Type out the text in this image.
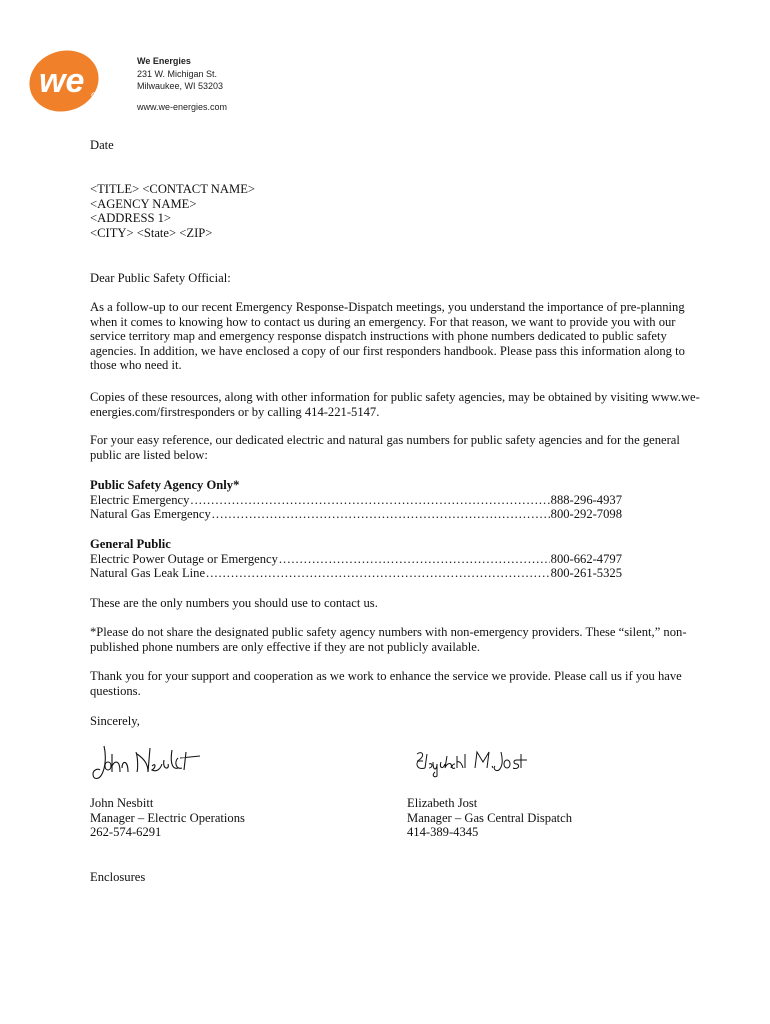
we
We Energies
231 W. Michigan St.
Milwaukee, WI 53203
www.we-energies.com
Date
<TITLE> <CONTACT NAME>
<AGENCY NAME>
<ADDRESS 1>
<CITY> <State> <ZIP>
Dear Public Safety Official:
As a follow-up to our recent Emergency Response-Dispatch meetings, you understand the importance of pre-planning when it comes to knowing how to contact us during an emergency. For that reason, we want to provide you with our service territory map and emergency response dispatch instructions with phone numbers dedicated to public safety agencies. In addition, we have enclosed a copy of our first responders handbook. Please pass this information along to those who need it.
Copies of these resources, along with other information for public safety agencies, may be obtained by visiting www.we-energies.com/firstresponders or by calling 414-221-5147.
For your easy reference, our dedicated electric and natural gas numbers for public safety agencies and for the general public are listed below:
Public Safety Agency Only*
Electric Emergency .....	888-296-4937
Natural Gas Emergency .....	800-292-7098
General Public
Electric Power Outage or Emergency .....	800-662-4797
Natural Gas Leak Line .....	800-261-5325
These are the only numbers you should use to contact us.
*Please do not share the designated public safety agency numbers with non-emergency providers. These “silent,” non-published phone numbers are only effective if they are not publicly available.
Thank you for your support and cooperation as we work to enhance the service we provide. Please call us if you have questions.
Sincerely,
John Nesbitt
Manager – Electric Operations
262-574-6291
Elizabeth Jost
Manager – Gas Central Dispatch
414-389-4345
Enclosures
